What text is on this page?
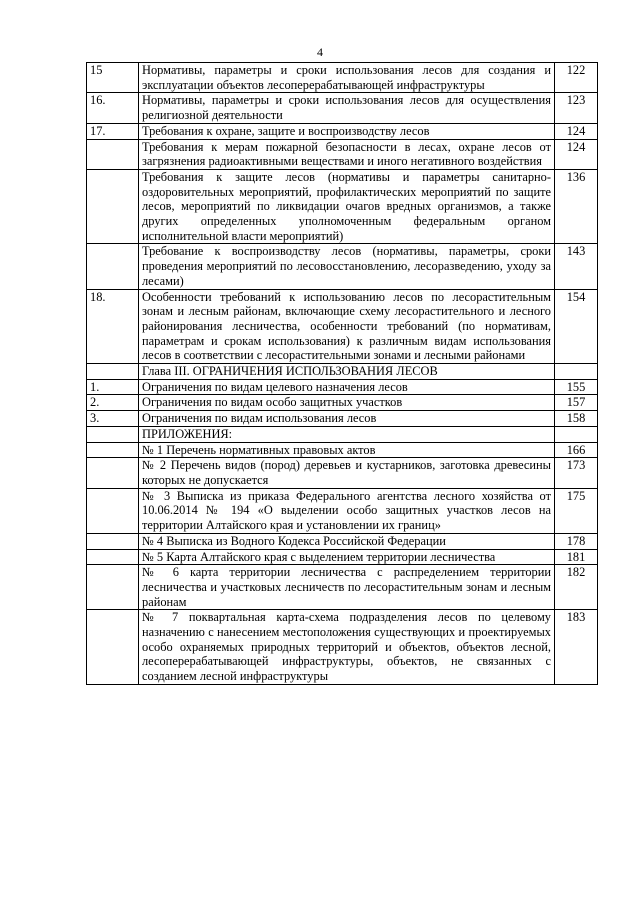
4
15	Нормативы, параметры и сроки использования лесов для создания и эксплуатации объектов лесоперерабатывающей инфраструктуры	122
16.	Нормативы, параметры и сроки использования лесов для осуществления религиозной деятельности	123
17.	Требования к охране, защите и воспроизводству лесов	124
	Требования к мерам пожарной безопасности в лесах, охране лесов от загрязнения радиоактивными веществами и иного негативного воздействия	124
	Требования к защите лесов (нормативы и параметры санитарно-оздоровительных мероприятий, профилактических мероприятий по защите лесов, мероприятий по ликвидации очагов вредных организмов, а также других определенных уполномоченным федеральным органом исполнительной власти мероприятий)	136
	Требование к воспроизводству лесов (нормативы, параметры, сроки проведения мероприятий по лесовосстановлению, лесоразведению, уходу за лесами)	143
18.	Особенности требований к использованию лесов по лесорастительным зонам и лесным районам, включающие схему лесорастительного и лесного районирования лесничества, особенности требований (по нормативам, параметрам и срокам использования) к различным видам использования лесов в соответствии с лесорастительными зонами и лесными районами	154
	Глава III. ОГРАНИЧЕНИЯ ИСПОЛЬЗОВАНИЯ ЛЕСОВ	
1.	Ограничения по видам целевого назначения лесов	155
2.	Ограничения по видам особо защитных участков	157
3.	Ограничения по видам использования лесов	158
	ПРИЛОЖЕНИЯ:	
	№ 1 Перечень нормативных правовых актов	166
	№ 2 Перечень видов (пород) деревьев и кустарников, заготовка древесины которых не допускается	173
	№ 3 Выписка из приказа Федерального агентства лесного хозяйства от 10.06.2014 № 194 «О выделении особо защитных участков лесов на территории Алтайского края и установлении их границ»	175
	№ 4 Выписка из Водного Кодекса Российской Федерации	178
	№ 5 Карта Алтайского края с выделением территории лесничества	181
	№ 6 карта территории лесничества с распределением территории лесничества и участковых лесничеств по лесорастительным зонам и лесным районам	182
	№ 7 поквартальная карта-схема подразделения лесов по целевому назначению с нанесением местоположения существующих и проектируемых особо охраняемых природных территорий и объектов, объектов лесной, лесоперерабатывающей инфраструктуры, объектов, не связанных с созданием лесной инфраструктуры	183
